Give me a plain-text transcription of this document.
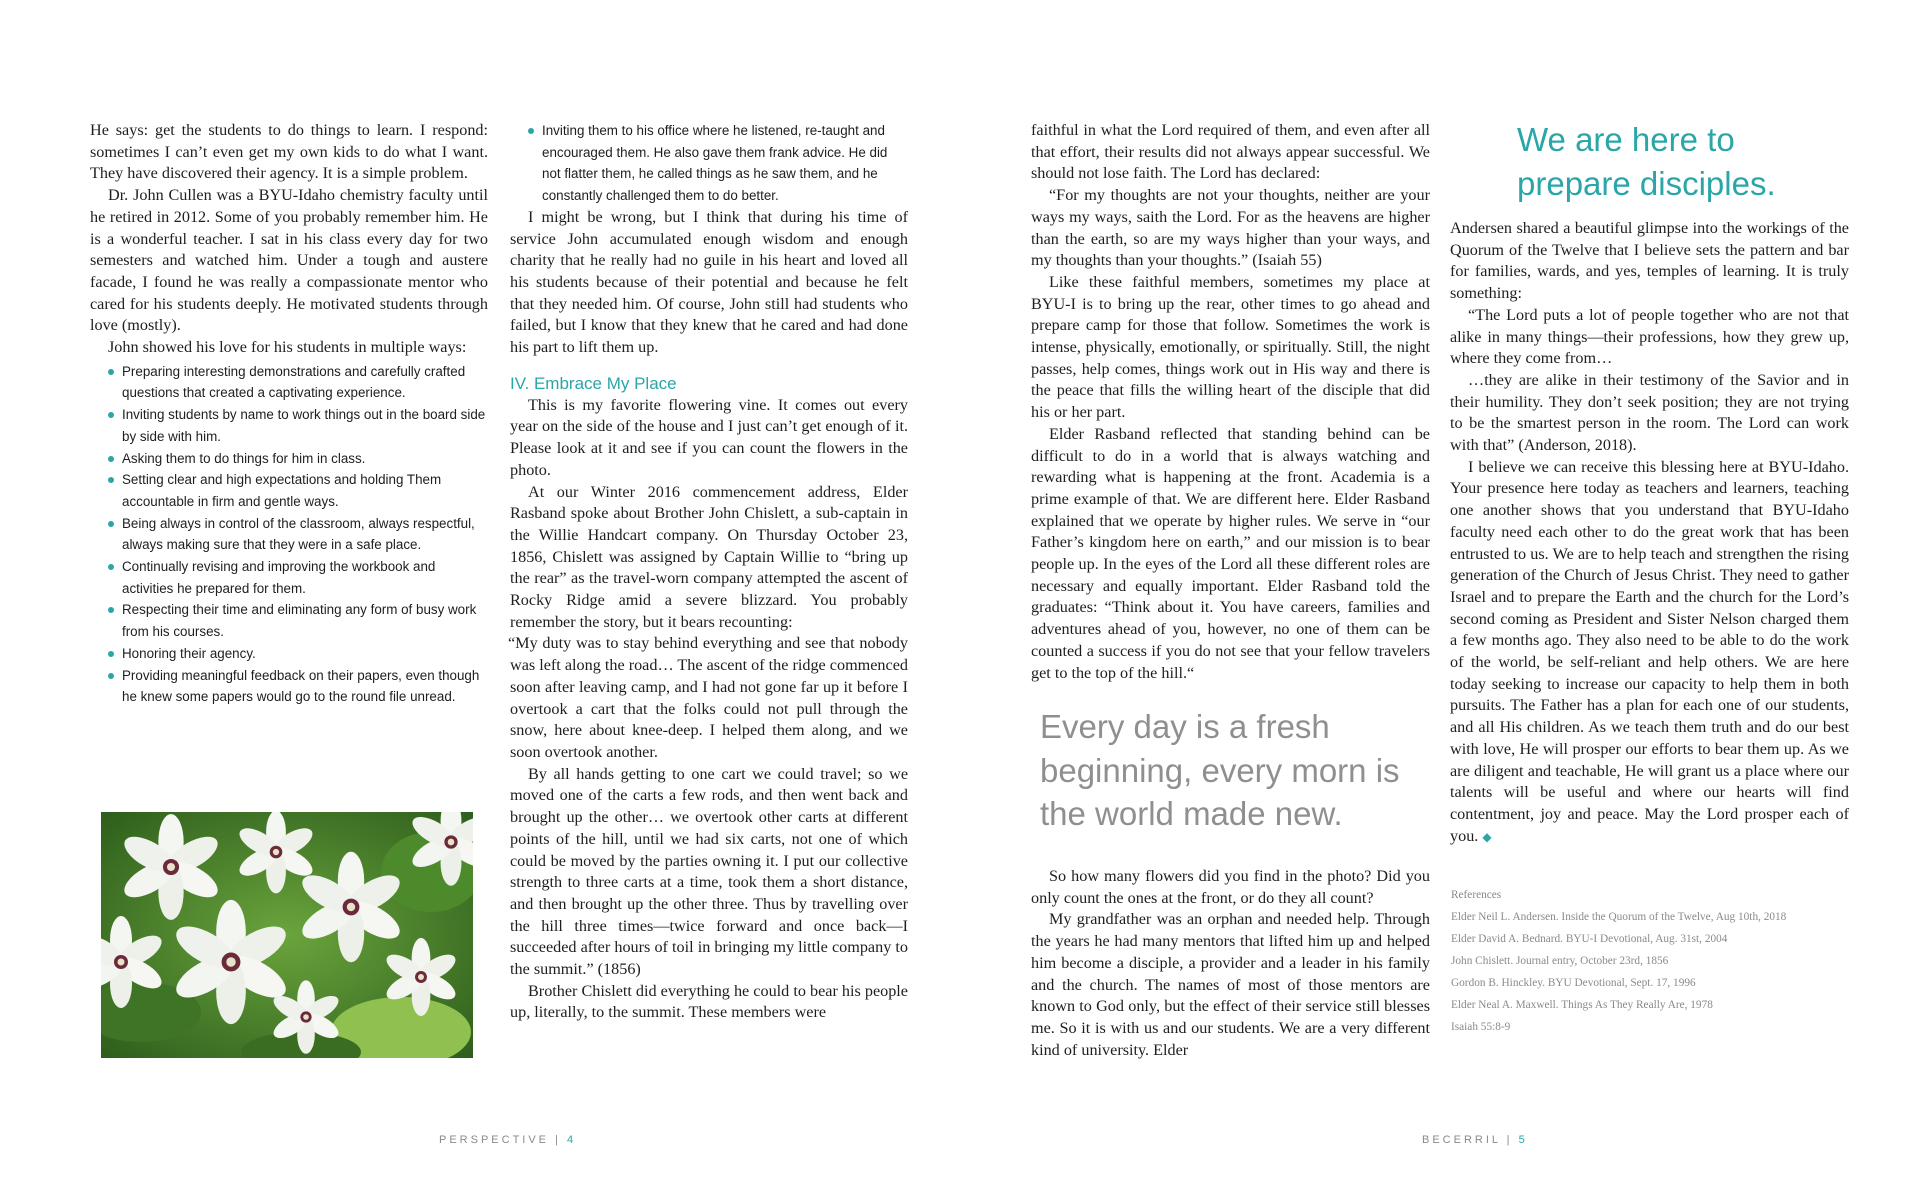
He says: get the students to do things to learn. I respond: sometimes I can’t even get my own kids to do what I want. They have discovered their agency. It is a simple problem.

Dr. John Cullen was a BYU-Idaho chemistry faculty until he retired in 2012. Some of you probably remember him. He is a wonderful teacher. I sat in his class every day for two semesters and watched him. Under a tough and austere facade, I found he was really a compassionate mentor who cared for his students deeply. He motivated students through love (mostly).

John showed his love for his students in multiple ways:

Preparing interesting demonstrations and carefully crafted questions that created a captivating experience.
Inviting students by name to work things out in the board side by side with him.
Asking them to do things for him in class.
Setting clear and high expectations and holding Them accountable in firm and gentle ways.
Being always in control of the classroom, always respectful, always making sure that they were in a safe place.
Continually revising and improving the workbook and activities he prepared for them.
Respecting their time and eliminating any form of busy work from his courses.
Honoring their agency.
Providing meaningful feedback on their papers, even though he knew some papers would go to the round file unread.
Inviting them to his office where he listened, re-taught and encouraged them. He also gave them frank advice. He did not flatter them, he called things as he saw them, and he constantly challenged them to do better.

I might be wrong, but I think that during his time of service John accumulated enough wisdom and enough charity that he really had no guile in his heart and loved all his students because of their potential and because he felt that they needed him. Of course, John still had students who failed, but I know that they knew that he cared and had done his part to lift them up.

IV. Embrace My Place

This is my favorite flowering vine. It comes out every year on the side of the house and I just can’t get enough of it. Please look at it and see if you can count the flowers in the photo.

At our Winter 2016 commencement address, Elder Rasband spoke about Brother John Chislett, a sub-captain in the Willie Handcart company. On Thursday October 23, 1856, Chislett was assigned by Captain Willie to “bring up the rear” as the travel-worn company attempted the ascent of Rocky Ridge amid a severe blizzard. You probably remember the story, but it bears recounting:

“My duty was to stay behind everything and see that nobody was left along the road… The ascent of the ridge commenced soon after leaving camp, and I had not gone far up it before I overtook a cart that the folks could not pull through the snow, here about knee-deep. I helped them along, and we soon overtook another.

By all hands getting to one cart we could travel; so we moved one of the carts a few rods, and then went back and brought up the other… we overtook other carts at different points of the hill, until we had six carts, not one of which could be moved by the parties owning it. I put our collective strength to three carts at a time, took them a short distance, and then brought up the other three. Thus by travelling over the hill three times—twice forward and once back—I succeeded after hours of toil in bringing my little company to the summit.” (1856)

Brother Chislett did everything he could to bear his people up, literally, to the summit. These members were

PERSPECTIVE | 4

faithful in what the Lord required of them, and even after all that effort, their results did not always appear successful. We should not lose faith. The Lord has declared:

“For my thoughts are not your thoughts, neither are your ways my ways, saith the Lord. For as the heavens are higher than the earth, so are my ways higher than your ways, and my thoughts than your thoughts.” (Isaiah 55)

Like these faithful members, sometimes my place at BYU-I is to bring up the rear, other times to go ahead and prepare camp for those that follow. Sometimes the work is intense, physically, emotionally, or spiritually. Still, the night passes, help comes, things work out in His way and there is the peace that fills the willing heart of the disciple that did his or her part.

Elder Rasband reflected that standing behind can be difficult to do in a world that is always watching and rewarding what is happening at the front. Academia is a prime example of that. We are different here. Elder Rasband explained that we operate by higher rules. We serve in “our Father’s kingdom here on earth,” and our mission is to bear people up. In the eyes of the Lord all these different roles are necessary and equally important. Elder Rasband told the graduates: “Think about it. You have careers, families and adventures ahead of you, however, no one of them can be counted a success if you do not see that your fellow travelers get to the top of the hill.“

Every day is a fresh beginning, every morn is the world made new.

So how many flowers did you find in the photo? Did you only count the ones at the front, or do they all count?

My grandfather was an orphan and needed help. Through the years he had many mentors that lifted him up and helped him become a disciple, a provider and a leader in his family and the church. The names of most of those mentors are known to God only, but the effect of their service still blesses me. So it is with us and our students. We are a very different kind of university. Elder

We are here to prepare disciples.

Andersen shared a beautiful glimpse into the workings of the Quorum of the Twelve that I believe sets the pattern and bar for families, wards, and yes, temples of learning. It is truly something:

“The Lord puts a lot of people together who are not that alike in many things—their professions, how they grew up, where they come from…

…they are alike in their testimony of the Savior and in their humility. They don’t seek position; they are not trying to be the smartest person in the room. The Lord can work with that” (Anderson, 2018).

I believe we can receive this blessing here at BYU-Idaho. Your presence here today as teachers and learners, teaching one another shows that you understand that BYU-Idaho faculty need each other to do the great work that has been entrusted to us. We are to help teach and strengthen the rising generation of the Church of Jesus Christ. They need to gather Israel and to prepare the Earth and the church for the Lord’s second coming as President and Sister Nelson charged them a few months ago. They also need to be able to do the work of the world, be self-reliant and help others. We are here today seeking to increase our capacity to help them in both pursuits. The Father has a plan for each one of our students, and all His children. As we teach them truth and do our best with love, He will prosper our efforts to bear them up. As we are diligent and teachable, He will grant us a place where our talents will be useful and where our hearts will find contentment, joy and peace. May the Lord prosper each of you. ◆

References
Elder Neil L. Andersen. Inside the Quorum of the Twelve, Aug 10th, 2018
Elder David A. Bednard. BYU-I Devotional, Aug. 31st, 2004
John Chislett. Journal entry, October 23rd, 1856
Gordon B. Hinckley. BYU Devotional, Sept. 17, 1996
Elder Neal A. Maxwell. Things As They Really Are, 1978
Isaiah 55:8-9
BECERRIL | 5
